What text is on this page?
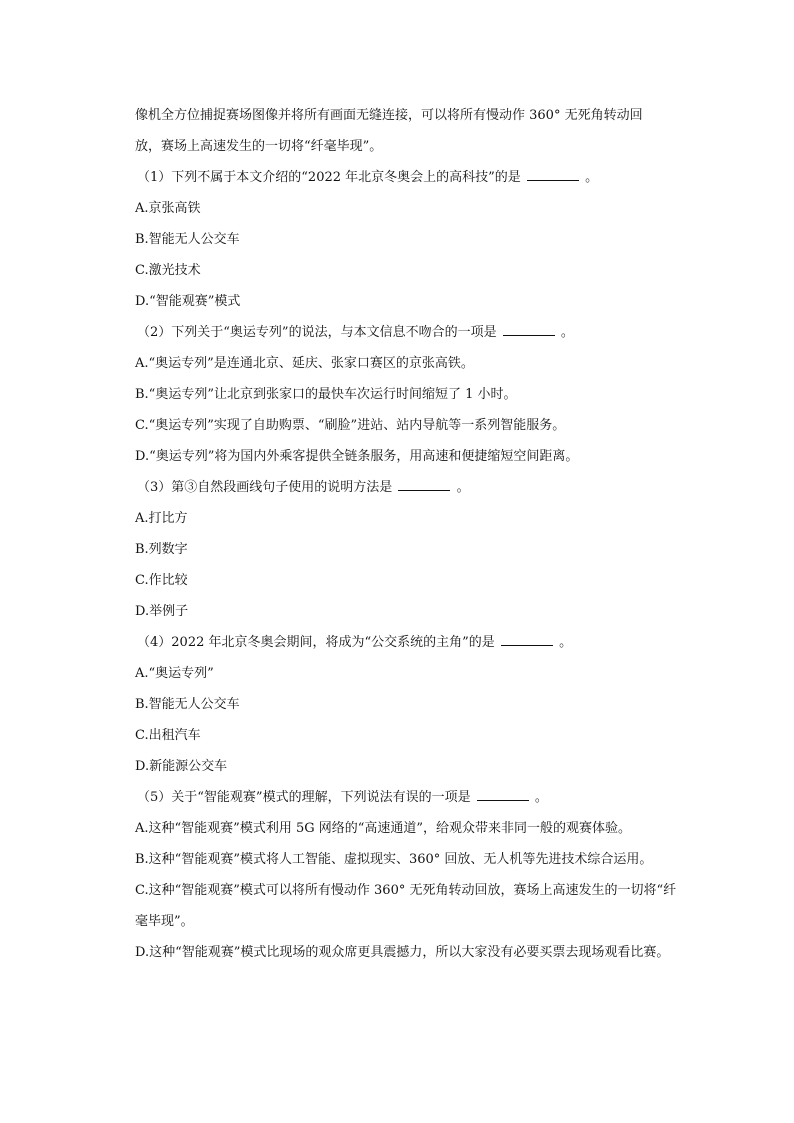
像机全方位捕捉赛场图像并将所有画面无缝连接，可以将所有慢动作 360° 无死角转动回
放，赛场上高速发生的一切将“纤毫毕现”。
（1）下列不属于本文介绍的“2022 年北京冬奥会上的高科技”的是	。
A.京张高铁
B.智能无人公交车
C.激光技术
D.“智能观赛”模式
（2）下列关于“奥运专列”的说法，与本文信息不吻合的一项是	。
A.“奥运专列”是连通北京、延庆、张家口赛区的京张高铁。
B.“奥运专列”让北京到张家口的最快车次运行时间缩短了 1 小时。
C.“奥运专列”实现了自助购票、“刷脸”进站、站内导航等一系列智能服务。
D.“奥运专列”将为国内外乘客提供全链条服务，用高速和便捷缩短空间距离。
（3）第③自然段画线句子使用的说明方法是	。
A.打比方
B.列数字
C.作比较
D.举例子
（4）2022 年北京冬奥会期间，将成为“公交系统的主角”的是	。
A.“奥运专列”
B.智能无人公交车
C.出租汽车
D.新能源公交车
（5）关于“智能观赛”模式的理解，下列说法有误的一项是	。
A.这种“智能观赛”模式利用 5G 网络的“高速通道”，给观众带来非同一般的观赛体验。
B.这种“智能观赛”模式将人工智能、虚拟现实、360° 回放、无人机等先进技术综合运用。
C.这种“智能观赛”模式可以将所有慢动作 360° 无死角转动回放，赛场上高速发生的一切将“纤毫毕现”。
D.这种“智能观赛”模式比现场的观众席更具震撼力，所以大家没有必要买票去现场观看比赛。
